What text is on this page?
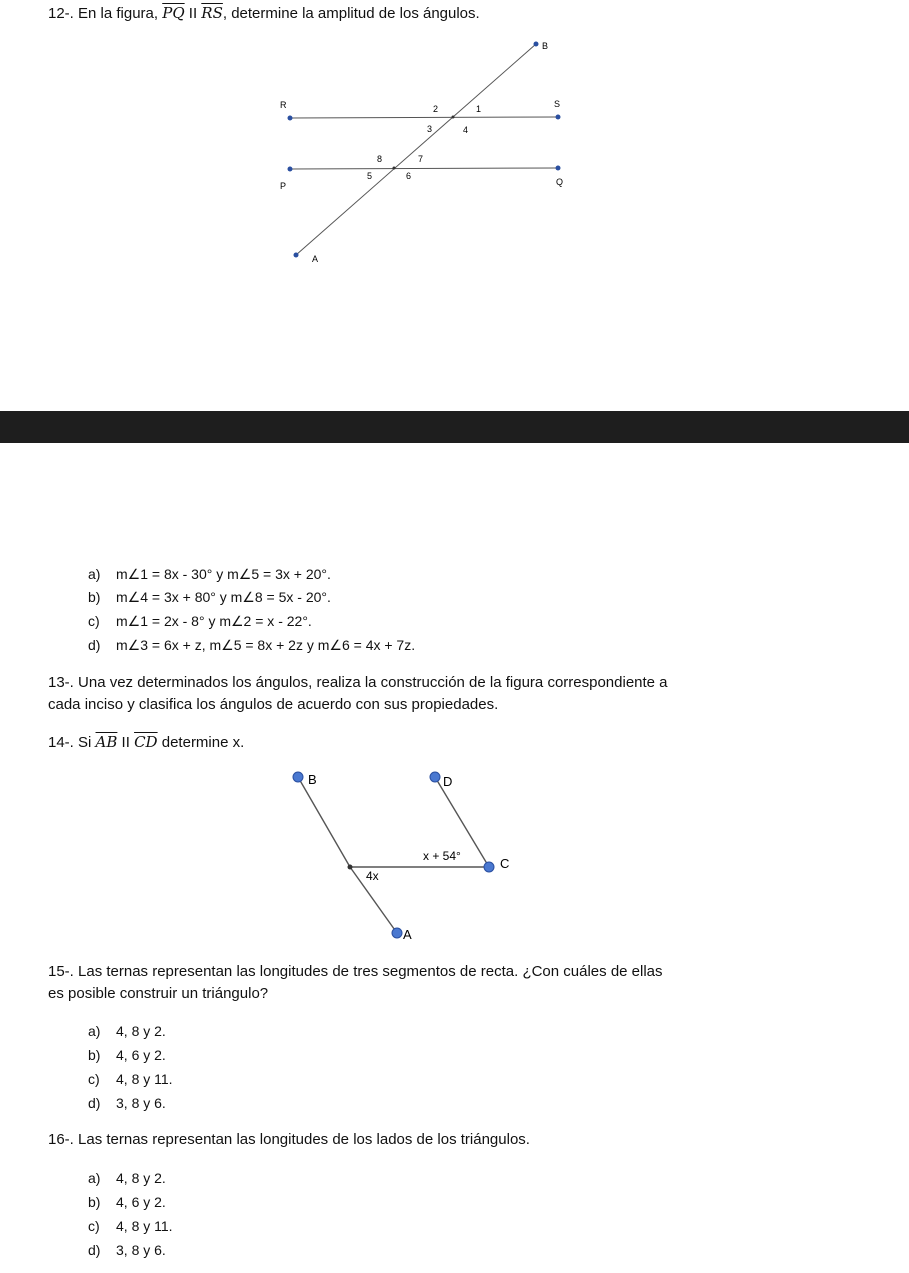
12-. En la figura, $\overline{PQ}$ II $\overline{RS}$, determine la amplitud de los ángulos.
B
R	S
P	Q
A
1
2
3	4
5	6
7
8
a) m∠1 = 8x - 30° y m∠5 = 3x + 20°.
b) m∠4 = 3x + 80° y m∠8 = 5x - 20°.
c) m∠1 = 2x - 8° y m∠2 = x - 22°.
d) m∠3 = 6x + z, m∠5 = 8x + 2z y m∠6 = 4x + 7z.
13-. Una vez determinados los ángulos, realiza la construcción de la figura correspondiente a
cada inciso y clasifica los ángulos de acuerdo con sus propiedades.
14-. Si $\overline{AB}$ II $\overline{CD}$ determine x.
B	D
C
A
x + 54°
4x
15-. Las ternas representan las longitudes de tres segmentos de recta. ¿Con cuáles de ellas
es posible construir un triángulo?
a) 4, 8 y 2.
b) 4, 6 y 2.
c) 4, 8 y 11.
d) 3, 8 y 6.
16-. Las ternas representan las longitudes de los lados de los triángulos.
a) 4, 8 y 2.
b) 4, 6 y 2.
c) 4, 8 y 11.
d) 3, 8 y 6.
